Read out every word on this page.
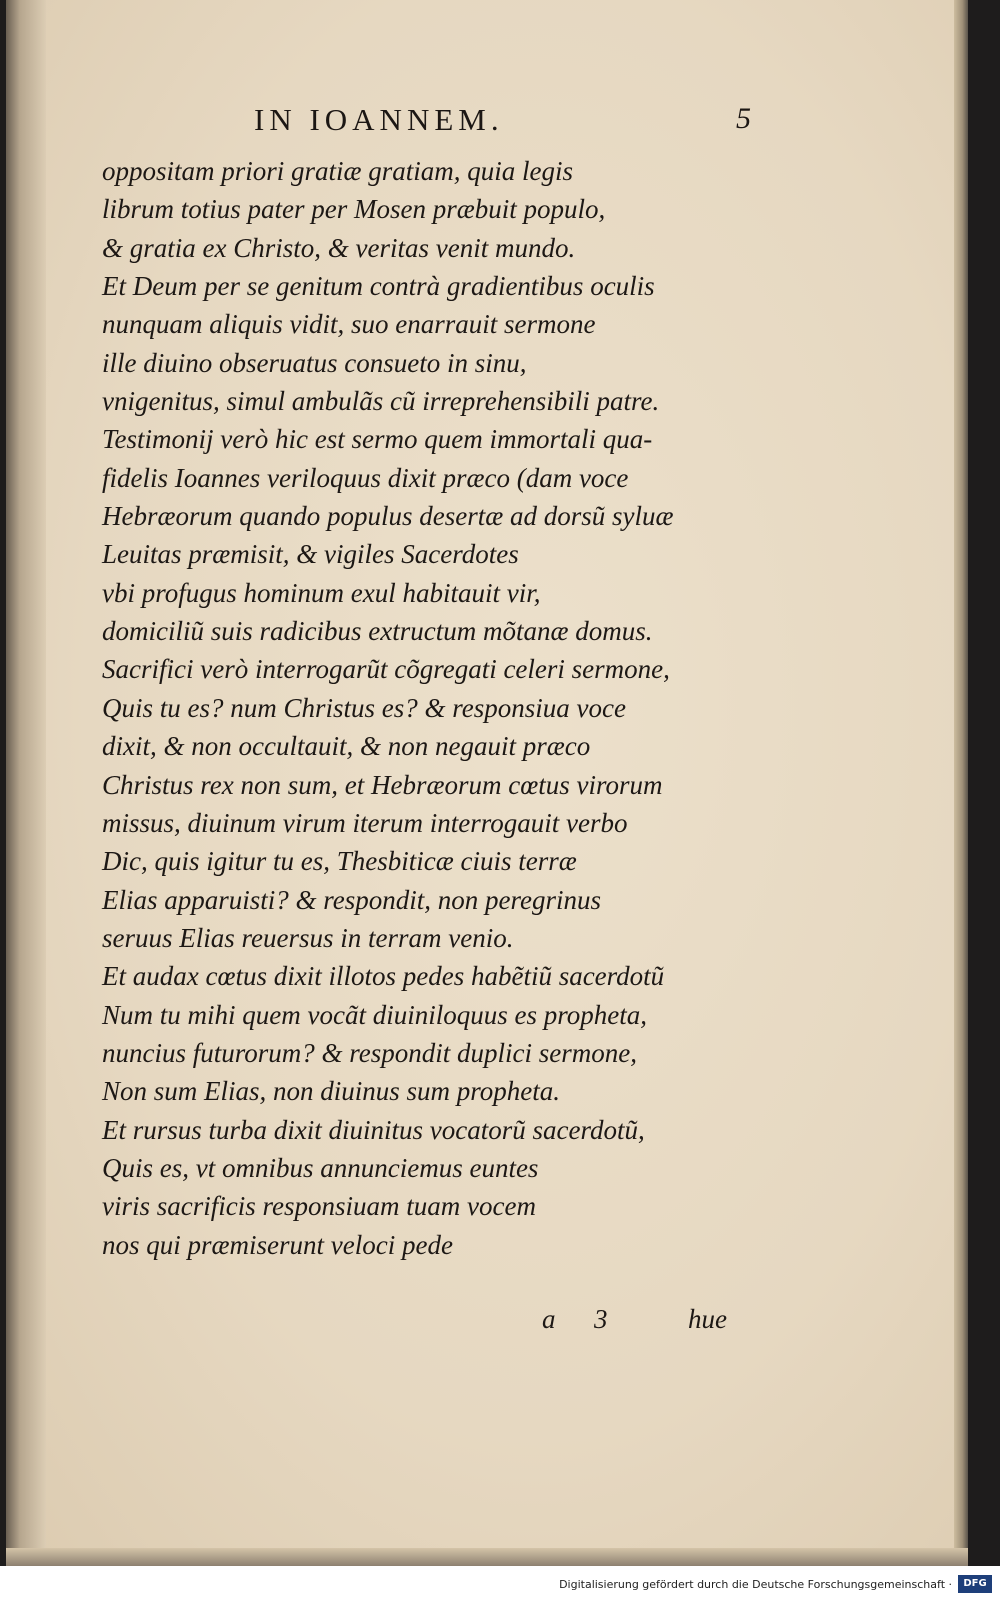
IN IOANNEM.	5
oppositam priori gratiæ gratiam, quia legis
librum totius pater per Mosen præbuit populo,
& gratia ex Christo, & veritas venit mundo.
Et Deum per se genitum contrà gradientibus oculis
nunquam aliquis vidit, suo enarrauit sermone
ille diuino obseruatus consueto in sinu,
vnigenitus, simul ambulãs cũ irreprehensibili patre.
Testimonij verò hic est sermo quem immortali qua-
fidelis Ioannes veriloquus dixit præco (dam voce
Hebræorum quando populus desertæ ad dorsũ syluæ
Leuitas præmisit, & vigiles Sacerdotes
vbi profugus hominum exul habitauit vir,
domiciliũ suis radicibus extructum mõtanæ domus.
Sacrifici verò interrogarũt cõgregati celeri sermone,
Quis tu es? num Christus es? & responsiua voce
dixit, & non occultauit, & non negauit præco
Christus rex non sum, et Hebræorum cœtus virorum
missus, diuinum virum iterum interrogauit verbo
Dic, quis igitur tu es, Thesbiticæ ciuis terræ
Elias apparuisti? & respondit, non peregrinus
seruus Elias reuersus in terram venio.
Et audax cœtus dixit illotos pedes habẽtiũ sacerdotũ
Num tu mihi quem vocãt diuiniloquus es propheta,
nuncius futurorum? & respondit duplici sermone,
Non sum Elias, non diuinus sum propheta.
Et rursus turba dixit diuinitus vocatorũ sacerdotũ,
Quis es, vt omnibus annunciemus euntes
viris sacrificis responsiuam tuam vocem
nos qui præmiserunt veloci pede
a 3	hue
Digitalisierung gefördert durch die Deutsche Forschungsgemeinschaft ·	DFG
